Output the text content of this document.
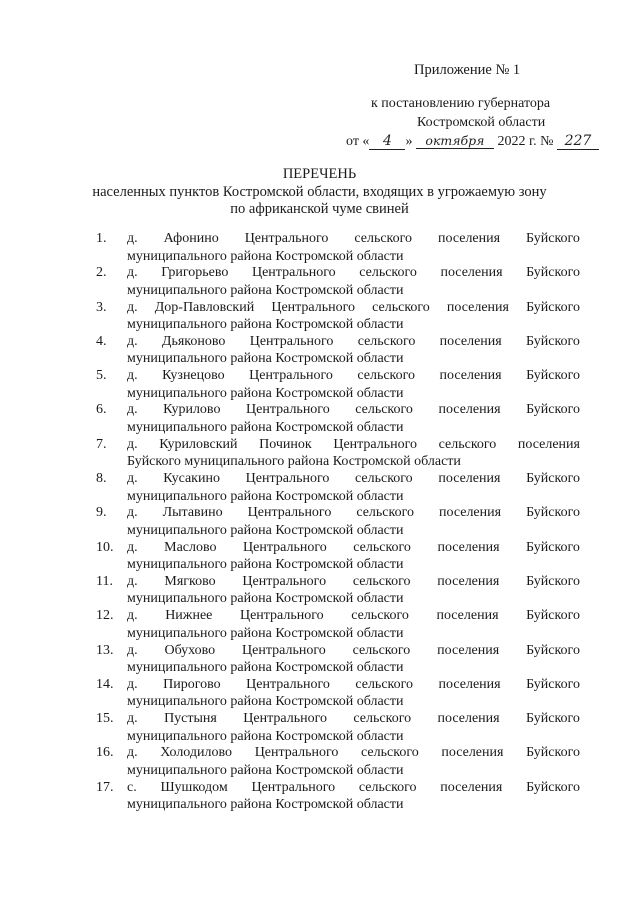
Приложение № 1
к постановлению губернатора
Костромской области
от « 4 » октября 2022 г. № 227
ПЕРЕЧЕНЬ
населенных пунктов Костромской области, входящих в угрожаемую зону
по африканской чуме свиней
1.	д. Афонино Центрального сельского поселения Буйского
муниципального района Костромской области
2.	д. Григорьево Центрального сельского поселения Буйского
муниципального района Костромской области
3.	д. Дор-Павловский Центрального сельского поселения Буйского
муниципального района Костромской области
4.	д. Дьяконово Центрального сельского поселения Буйского
муниципального района Костромской области
5.	д. Кузнецово Центрального сельского поселения Буйского
муниципального района Костромской области
6.	д. Курилово Центрального сельского поселения Буйского
муниципального района Костромской области
7.	д. Куриловский Починок Центрального сельского поселения
Буйского муниципального района Костромской области
8.	д. Кусакино Центрального сельского поселения Буйского
муниципального района Костромской области
9.	д. Лытавино Центрального сельского поселения Буйского
муниципального района Костромской области
10. д. Маслово Центрального сельского поселения Буйского
муниципального района Костромской области
11.	д. Мягково Центрального сельского поселения Буйского
муниципального района Костромской области
12. д. Нижнее Центрального сельского поселения Буйского
муниципального района Костромской области
13. д. Обухово Центрального сельского поселения Буйского
муниципального района Костромской области
14. д. Пирогово Центрального сельского поселения Буйского
муниципального района Костромской области
15. д. Пустыня Центрального сельского поселения Буйского
муниципального района Костромской области
16. д. Холодилово Центрального сельского поселения Буйского
муниципального района Костромской области
17. с. Шушкодом Центрального сельского поселения Буйского
муниципального района Костромской области
